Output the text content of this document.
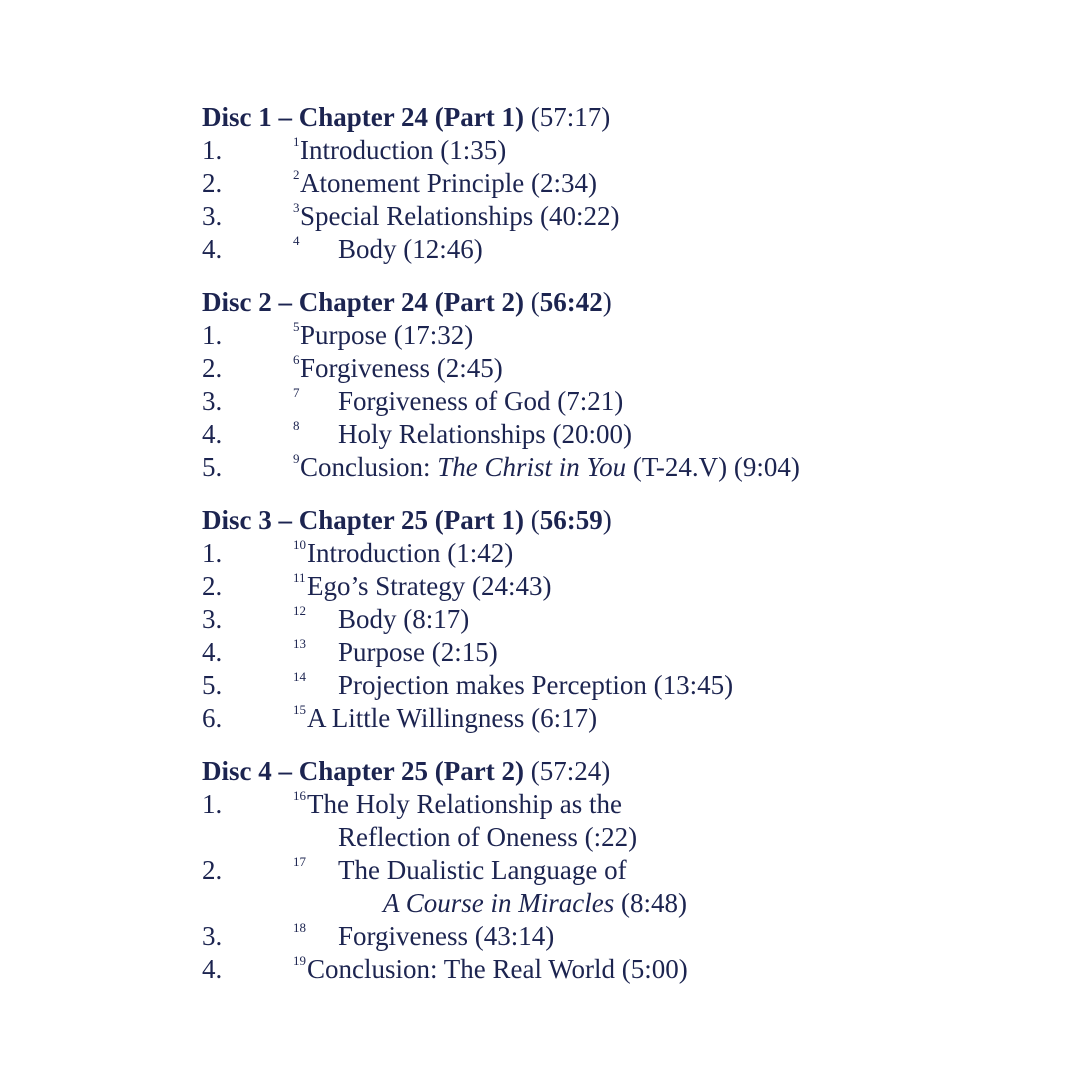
Disc 1 – Chapter 24 (Part 1) (57:17)
1.	1 Introduction (1:35)
2.	2 Atonement Principle (2:34)
3.	3 Special Relationships (40:22)
4.	4 Body (12:46)
Disc 2 – Chapter 24 (Part 2) (56:42)
1.	5 Purpose (17:32)
2.	6 Forgiveness (2:45)
3.	7 Forgiveness of God (7:21)
4.	8 Holy Relationships (20:00)
5.	9 Conclusion: The Christ in You (T-24.V) (9:04)
Disc 3 – Chapter 25 (Part 1) (56:59)
1.	10 Introduction (1:42)
2.	11 Ego’s Strategy (24:43)
3.	12 Body (8:17)
4.	13 Purpose (2:15)
5.	14 Projection makes Perception (13:45)
6.	15 A Little Willingness (6:17)
Disc 4 – Chapter 25 (Part 2) (57:24)
1.	16 The Holy Relationship as the
Reflection of Oneness (:22)
2.	17 The Dualistic Language of
A Course in Miracles (8:48)
3.	18 Forgiveness (43:14)
4.	19 Conclusion: The Real World (5:00)
